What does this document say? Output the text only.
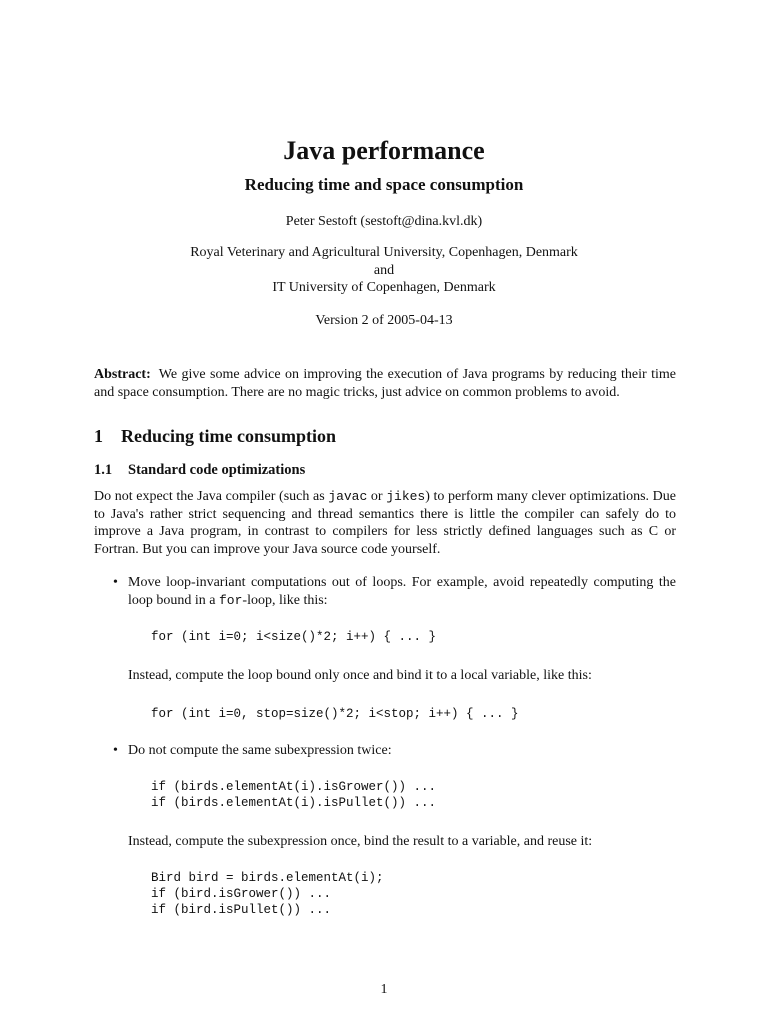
Java performance
Reducing time and space consumption
Peter Sestoft (sestoft@dina.kvl.dk)
Royal Veterinary and Agricultural University, Copenhagen, Denmark
and
IT University of Copenhagen, Denmark
Version 2 of 2005-04-13
Abstract: We give some advice on improving the execution of Java programs by reducing their time and space consumption. There are no magic tricks, just advice on common problems to avoid.
1 Reducing time consumption
1.1 Standard code optimizations
Do not expect the Java compiler (such as javac or jikes) to perform many clever optimizations. Due to Java's rather strict sequencing and thread semantics there is little the compiler can safely do to improve a Java program, in contrast to compilers for less strictly defined languages such as C or Fortran. But you can improve your Java source code yourself.
• Move loop-invariant computations out of loops. For example, avoid repeatedly computing the loop bound in a for-loop, like this:
for (int i=0; i<size()*2; i++) { ... }
Instead, compute the loop bound only once and bind it to a local variable, like this:
for (int i=0, stop=size()*2; i<stop; i++) { ... }
• Do not compute the same subexpression twice:
if (birds.elementAt(i).isGrower()) ...
if (birds.elementAt(i).isPullet()) ...
Instead, compute the subexpression once, bind the result to a variable, and reuse it:
Bird bird = birds.elementAt(i);
if (bird.isGrower()) ...
if (bird.isPullet()) ...
1
